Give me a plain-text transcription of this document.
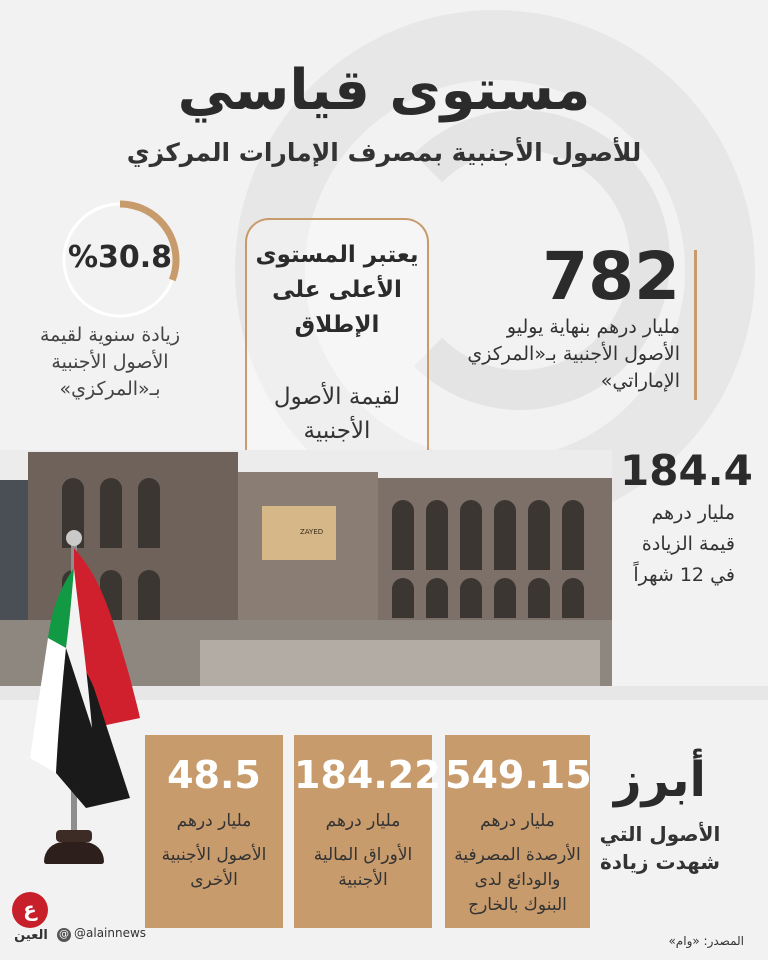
مستوى قياسي
للأصول الأجنبية بمصرف الإمارات المركزي
%30.8
زيادة سنوية لقيمة الأصول الأجنبية بـ«المركزي»
يعتبر المستوى الأعلى على الإطلاق
لقيمة الأصول الأجنبية
782
مليار درهم بنهاية يوليو
الأصول الأجنبية بـ«المركزي الإماراتي»
ZAYED
184.4
مليار درهم
قيمة الزيادة في 12 شهراً
549.15
مليار درهم
الأرصدة المصرفية والودائع لدى البنوك بالخارج
184.22
مليار درهم
الأوراق المالية الأجنبية
48.5
مليار درهم
الأصول الأجنبية الأخرى
أبرز
الأصول التي شهدت زيادة
ع
العين	@ @alainnews
المصدر: «وام»
